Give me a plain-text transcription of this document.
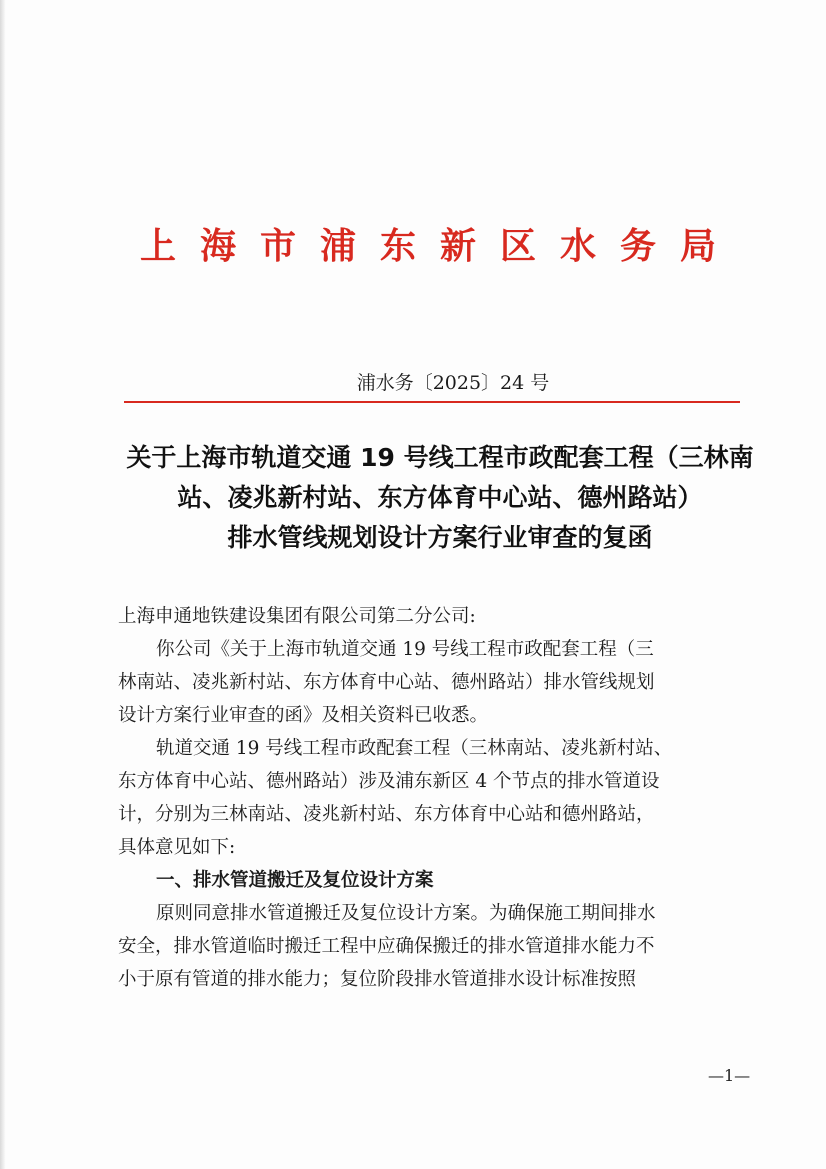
上海市浦东新区水务局
浦水务〔2025〕24 号
关于上海市轨道交通 19 号线工程市政配套工程（三林南
站、凌兆新村站、东方体育中心站、德州路站）
排水管线规划设计方案行业审查的复函
上海申通地铁建设集团有限公司第二分公司:
你公司《关于上海市轨道交通 19 号线工程市政配套工程（三
林南站、凌兆新村站、东方体育中心站、德州路站）排水管线规划
设计方案行业审查的函》及相关资料已收悉。
轨道交通 19 号线工程市政配套工程（三林南站、凌兆新村站、
东方体育中心站、德州路站）涉及浦东新区 4 个节点的排水管道设
计，分别为三林南站、凌兆新村站、东方体育中心站和德州路站，
具体意见如下:
一、排水管道搬迁及复位设计方案
原则同意排水管道搬迁及复位设计方案。为确保施工期间排水
安全，排水管道临时搬迁工程中应确保搬迁的排水管道排水能力不
小于原有管道的排水能力；复位阶段排水管道排水设计标准按照
—1—
